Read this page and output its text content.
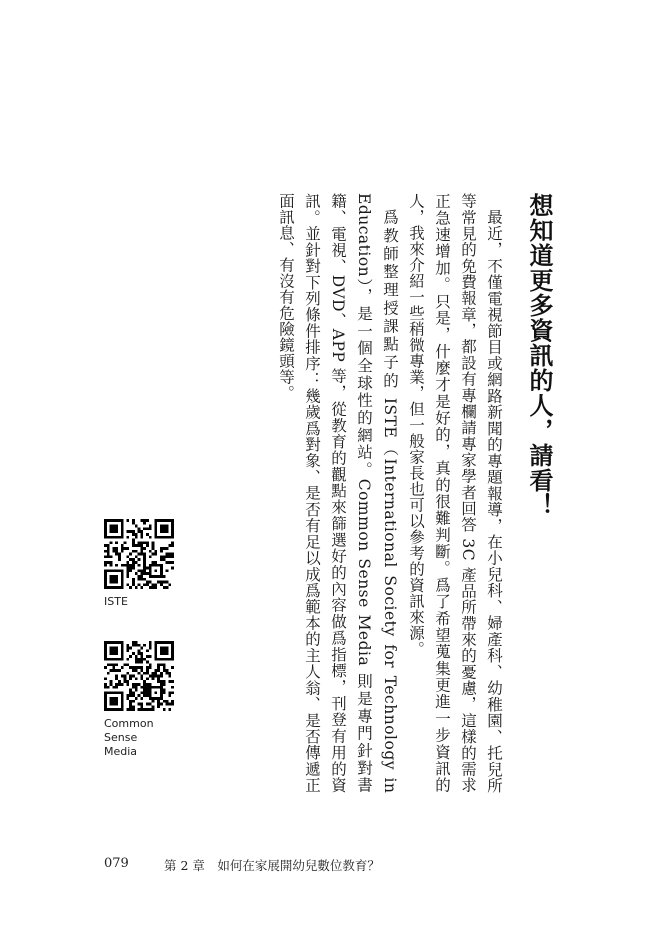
想知道更多資訊的人，請看！

最近，不僅電視節目或網路新聞的專題報導，在小兒科、婦產科、幼稚園、托兒所等常見的免費報章，都設有專欄請專家學者回答 3C 產品所帶來的憂慮，這樣的需求正急速增加。只是，什麼才是好的，真的很難判斷。爲了希望蒐集更進一步資訊的人，我來介紹一些稍微專業，但一般家長也可以參考的資訊來源。

爲教師整理授課點子的 ISTE（International Society for Technology in Education），是一個全球性的網站。Common Sense Media 則是專門針對書籍、電視、DVD、APP 等，從教育的觀點來篩選好的內容做爲指標，刊登有用的資訊。並針對下列條件排序：幾歲爲對象、是否有足以成爲範本的主人翁、是否傳遞正面訊息、有沒有危險鏡頭等。

ISTE
Common
Sense
Media
079	第 2 章　如何在家展開幼兒數位教育？
